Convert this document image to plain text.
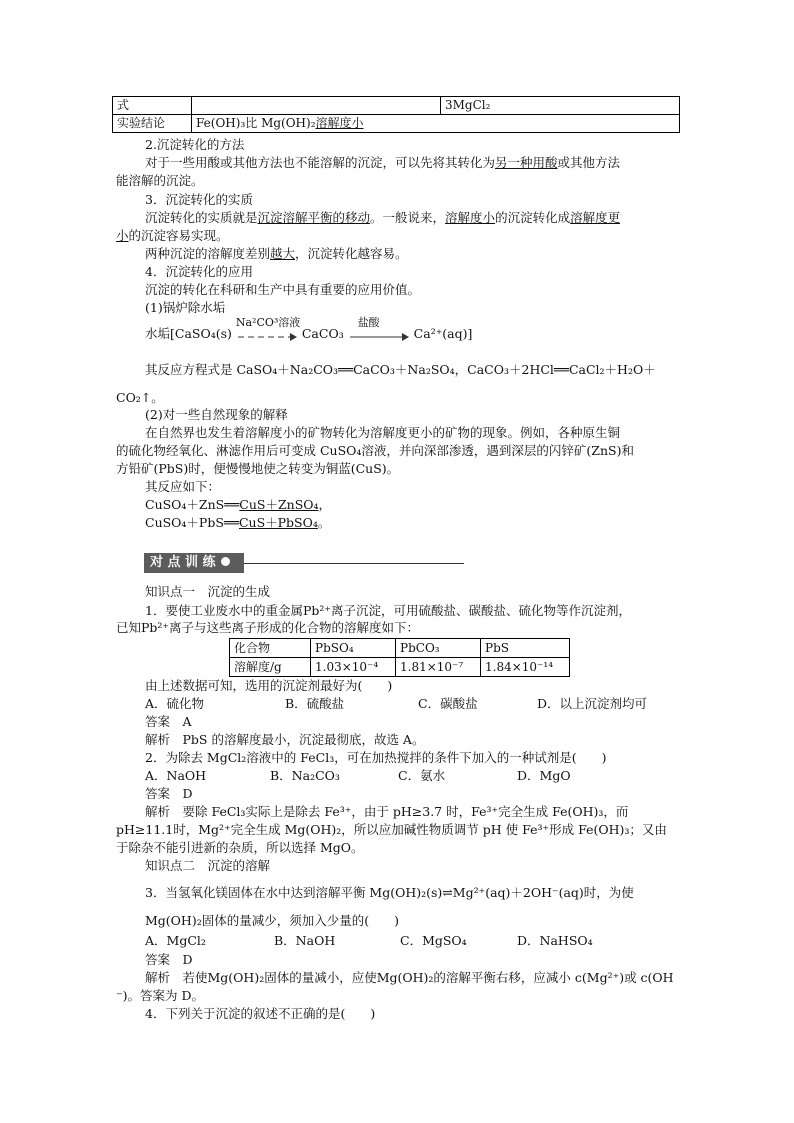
式		3MgCl₂
实验结论	Fe(OH)₃比 Mg(OH)₂溶解度小	
2.沉淀转化的方法
对于一些用酸或其他方法也不能溶解的沉淀，可以先将其转化为另一种用酸或其他方法
能溶解的沉淀。
3．沉淀转化的实质
沉淀转化的实质就是沉淀溶解平衡的移动。一般说来，溶解度小的沉淀转化成溶解度更
小的沉淀容易实现。
两种沉淀的溶解度差别越大，沉淀转化越容易。
4．沉淀转化的应用
沉淀的转化在科研和生产中具有重要的应用价值。
(1)锅炉除水垢
水垢[CaSO₄(s)
Na²CO³溶液
CaCO₃
盐酸
Ca²⁺(aq)]
其反应方程式是 CaSO₄＋Na₂CO₃══CaCO₃＋Na₂SO₄，CaCO₃＋2HCl══CaCl₂＋H₂O＋
CO₂↑。
(2)对一些自然现象的解释
在自然界也发生着溶解度小的矿物转化为溶解度更小的矿物的现象。例如，各种原生铜
的硫化物经氧化、淋滤作用后可变成 CuSO₄溶液，并向深部渗透，遇到深层的闪锌矿(ZnS)和
方铅矿(PbS)时，便慢慢地使之转变为铜蓝(CuS)。
其反应如下：
CuSO₄＋ZnS══CuS＋ZnSO₄，
CuSO₄＋PbS══CuS＋PbSO₄。
对 点 训 练
知识点一　沉淀的生成
1．要使工业废水中的重金属Pb²⁺离子沉淀，可用硫酸盐、碳酸盐、硫化物等作沉淀剂，
已知Pb²⁺离子与这些离子形成的化合物的溶解度如下：
化合物	PbSO₄	PbCO₃	PbS
溶解度/g	1.03×10⁻⁴	1.81×10⁻⁷	1.84×10⁻¹⁴
由上述数据可知，选用的沉淀剂最好为(　　)
A．硫化物	B．硫酸盐	C．碳酸盐	D．以上沉淀剂均可
答案　A
解析　PbS 的溶解度最小，沉淀最彻底，故选 A。
2．为除去 MgCl₂溶液中的 FeCl₃，可在加热搅拌的条件下加入的一种试剂是(　　)
A．NaOH	B．Na₂CO₃	C．氨水	D．MgO
答案　D
解析　要除 FeCl₃实际上是除去 Fe³⁺，由于 pH≥3.7 时，Fe³⁺完全生成 Fe(OH)₃，而
pH≥11.1时，Mg²⁺完全生成 Mg(OH)₂，所以应加碱性物质调节 pH 使 Fe³⁺形成 Fe(OH)₃；又由
于除杂不能引进新的杂质，所以选择 MgO。
知识点二　沉淀的溶解
3．当氢氧化镁固体在水中达到溶解平衡 Mg(OH)₂(s)⇌Mg²⁺(aq)＋2OH⁻(aq)时，为使
Mg(OH)₂固体的量减少，须加入少量的(　　)
A．MgCl₂	B．NaOH	C．MgSO₄	D．NaHSO₄
答案　D
解析　若使Mg(OH)₂固体的量减小，应使Mg(OH)₂的溶解平衡右移，应减小 c(Mg²⁺)或 c(OH
⁻)。答案为 D。
4．下列关于沉淀的叙述不正确的是(　　)
